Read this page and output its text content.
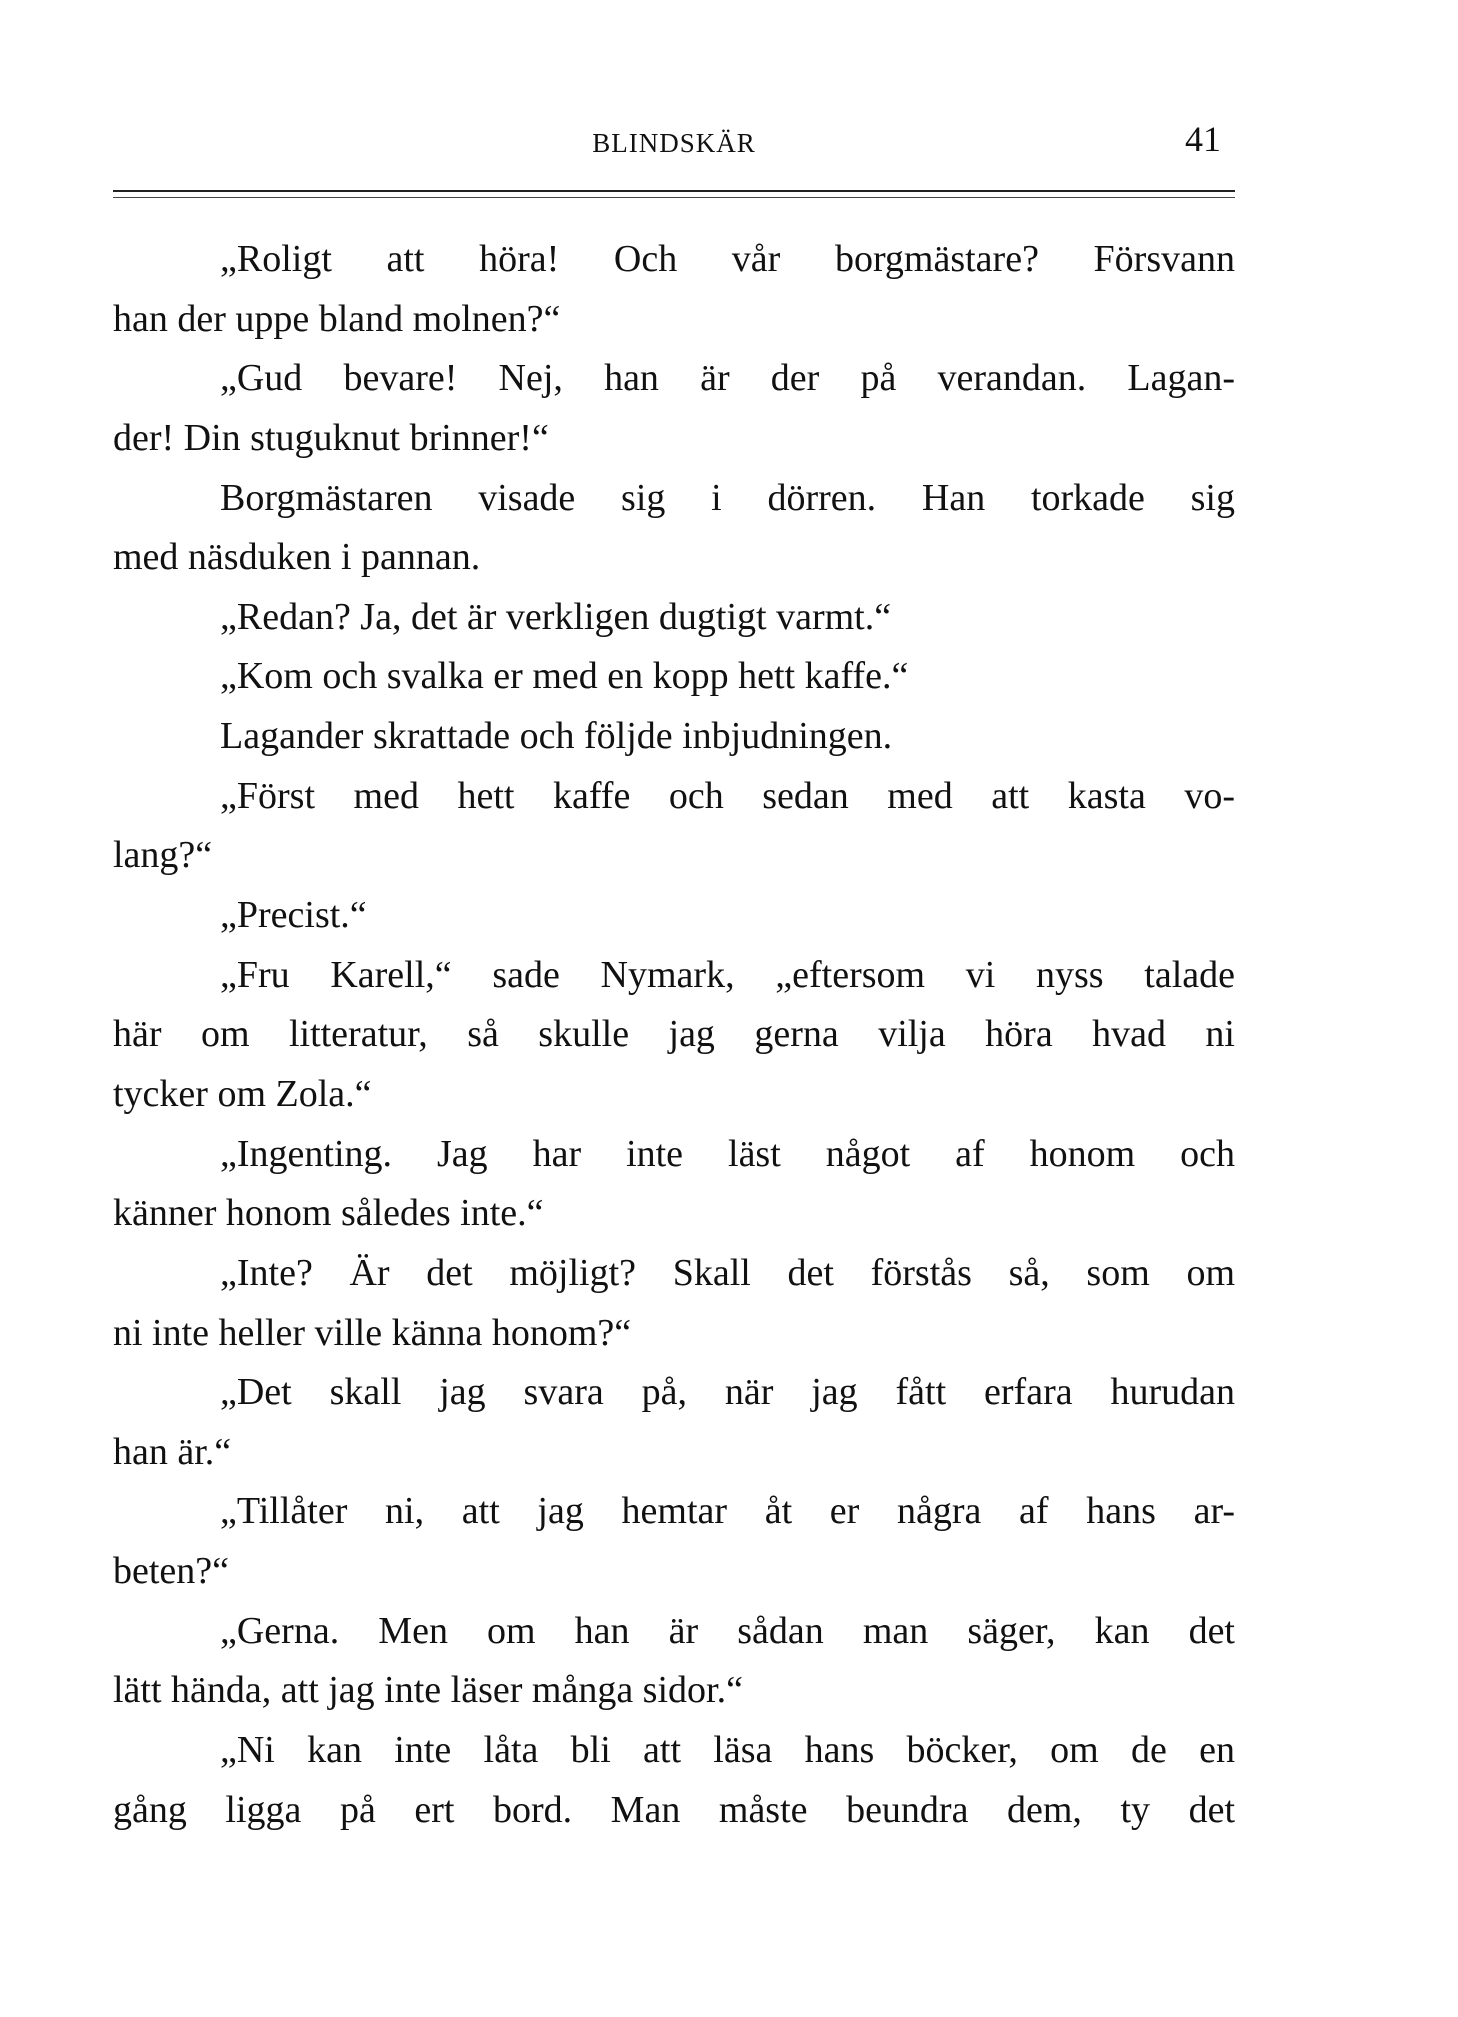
BLINDSKÄR	41
„Roligt att höra! Och vår borgmästare? Försvann
han der uppe bland molnen?“
„Gud bevare! Nej, han är der på verandan. Lagan-
der! Din stuguknut brinner!“
Borgmästaren visade sig i dörren. Han torkade sig
med näsduken i pannan.
„Redan? Ja, det är verkligen dugtigt varmt.“
„Kom och svalka er med en kopp hett kaffe.“
Lagander skrattade och följde inbjudningen.
„Först med hett kaffe och sedan med att kasta vo-
lang?“
„Precist.“
„Fru Karell,“ sade Nymark, „eftersom vi nyss talade
här om litteratur, så skulle jag gerna vilja höra hvad ni
tycker om Zola.“
„Ingenting. Jag har inte läst något af honom och
känner honom således inte.“
„Inte? Är det möjligt? Skall det förstås så, som om
ni inte heller ville känna honom?“
„Det skall jag svara på, när jag fått erfara hurudan
han är.“
„Tillåter ni, att jag hemtar åt er några af hans ar-
beten?“
„Gerna. Men om han är sådan man säger, kan det
lätt hända, att jag inte läser många sidor.“
„Ni kan inte låta bli att läsa hans böcker, om de en
gång ligga på ert bord. Man måste beundra dem, ty det
